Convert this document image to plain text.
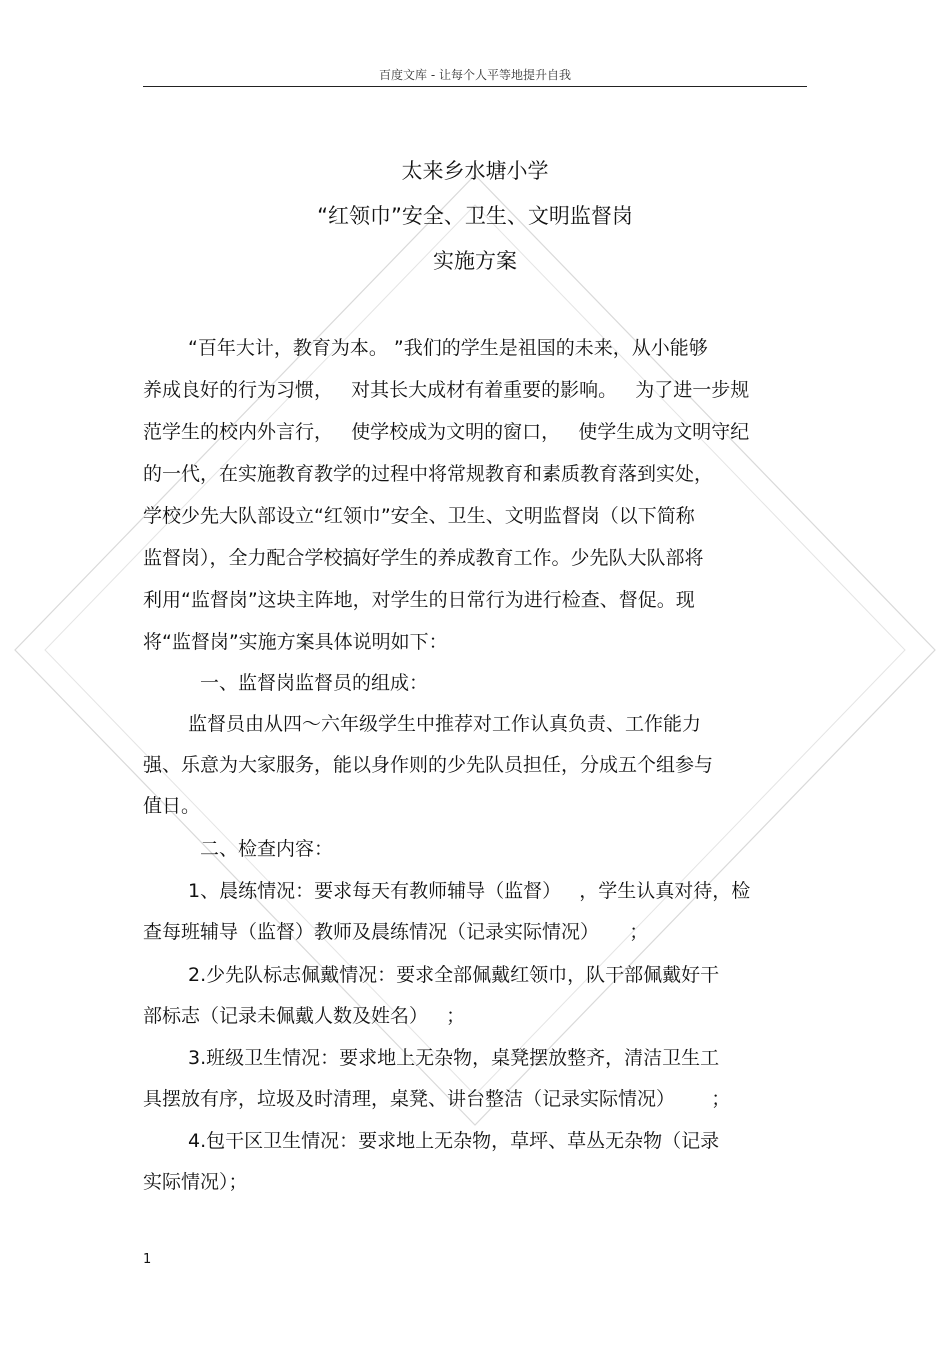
百度文库 - 让每个人平等地提升自我
太来乡水塘小学
“红领巾”安全、卫生、文明监督岗
实施方案
“百年大计，教育为本。 ”我们的学生是祖国的未来，从小能够
养成良好的行为习惯，   对其长大成材有着重要的影响。   为了进一步规
范学生的校内外言行，   使学校成为文明的窗口，   使学生成为文明守纪
的一代，在实施教育教学的过程中将常规教育和素质教育落到实处，
学校少先大队部设立“红领巾”安全、卫生、文明监督岗（以下简称
监督岗），全力配合学校搞好学生的养成教育工作。少先队大队部将
利用“监督岗”这块主阵地，对学生的日常行为进行检查、督促。现
将“监督岗”实施方案具体说明如下：
一、监督岗监督员的组成：
监督员由从四～六年级学生中推荐对工作认真负责、工作能力
强、乐意为大家服务，能以身作则的少先队员担任，分成五个组参与
值日。
二、检查内容：
1、晨练情况：要求每天有教师辅导（监督）   ，学生认真对待，检
查每班辅导（监督）教师及晨练情况（记录实际情况）     ；
2.少先队标志佩戴情况：要求全部佩戴红领巾，队干部佩戴好干
部标志（记录未佩戴人数及姓名）   ；
3.班级卫生情况：要求地上无杂物，桌凳摆放整齐，清洁卫生工
具摆放有序，垃圾及时清理，桌凳、讲台整洁（记录实际情况）      ；
4.包干区卫生情况：要求地上无杂物，草坪、草丛无杂物（记录
实际情况）；
1
